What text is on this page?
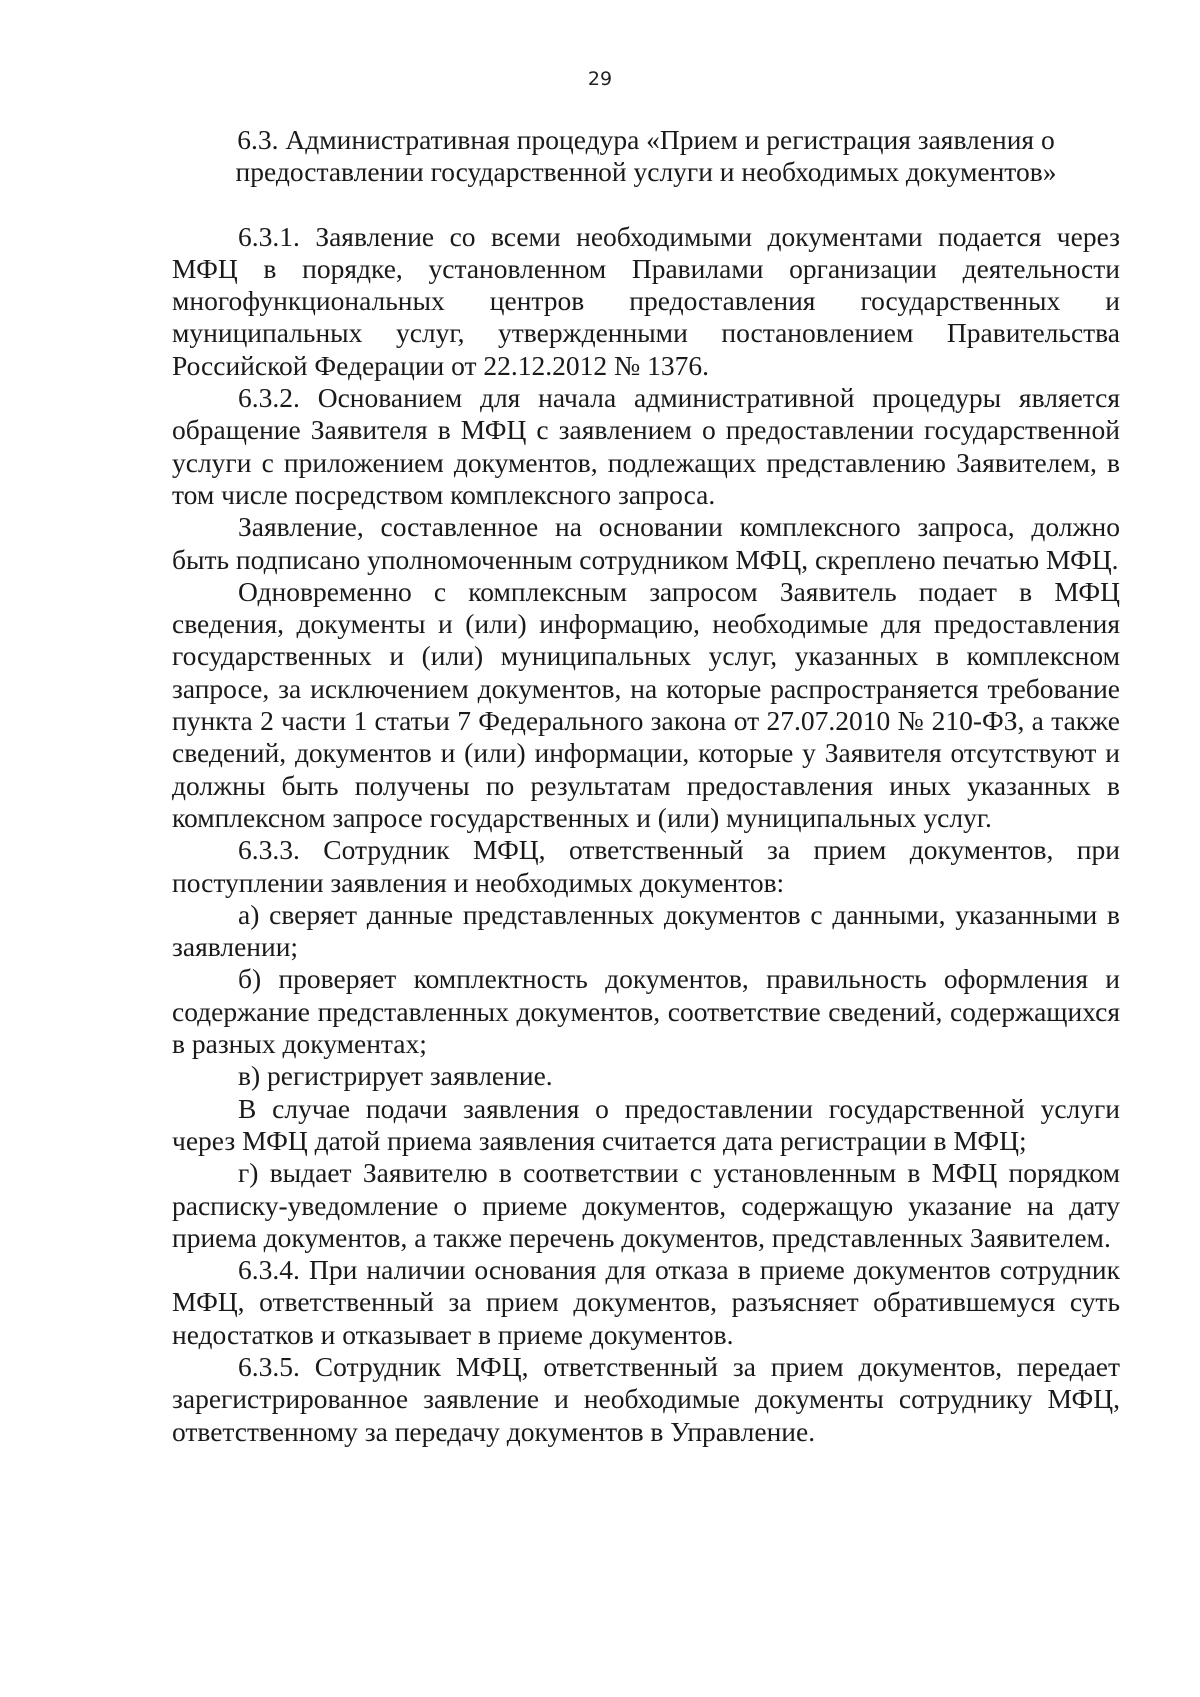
29
6.3. Административная процедура «Прием и регистрация заявления о предоставлении государственной услуги и необходимых документов»

6.3.1. Заявление со всеми необходимыми документами подается через МФЦ в порядке, установленном Правилами организации деятельности многофункциональных центров предоставления государственных и муниципальных услуг, утвержденными постановлением Правительства Российской Федерации от 22.12.2012 № 1376.

6.3.2. Основанием для начала административной процедуры является обращение Заявителя в МФЦ с заявлением о предоставлении государственной услуги с приложением документов, подлежащих представлению Заявителем, в том числе посредством комплексного запроса.

Заявление, составленное на основании комплексного запроса, должно быть подписано уполномоченным сотрудником МФЦ, скреплено печатью МФЦ.

Одновременно с комплексным запросом Заявитель подает в МФЦ сведения, документы и (или) информацию, необходимые для предоставления государственных и (или) муниципальных услуг, указанных в комплексном запросе, за исключением документов, на которые распространяется требование пункта 2 части 1 статьи 7 Федерального закона от 27.07.2010 № 210-ФЗ, а также сведений, документов и (или) информации, которые у Заявителя отсутствуют и должны быть получены по результатам предоставления иных указанных в комплексном запросе государственных и (или) муниципальных услуг.

6.3.3. Сотрудник МФЦ, ответственный за прием документов, при поступлении заявления и необходимых документов:

а) сверяет данные представленных документов с данными, указанными в заявлении;

б) проверяет комплектность документов, правильность оформления и содержание представленных документов, соответствие сведений, содержащихся в разных документах;

в) регистрирует заявление.

В случае подачи заявления о предоставлении государственной услуги через МФЦ датой приема заявления считается дата регистрации в МФЦ;

г) выдает Заявителю в соответствии с установленным в МФЦ порядком расписку-уведомление о приеме документов, содержащую указание на дату приема документов, а также перечень документов, представленных Заявителем.

6.3.4. При наличии основания для отказа в приеме документов сотрудник МФЦ, ответственный за прием документов, разъясняет обратившемуся суть недостатков и отказывает в приеме документов.

6.3.5. Сотрудник МФЦ, ответственный за прием документов, передает зарегистрированное заявление и необходимые документы сотруднику МФЦ, ответственному за передачу документов в Управление.
